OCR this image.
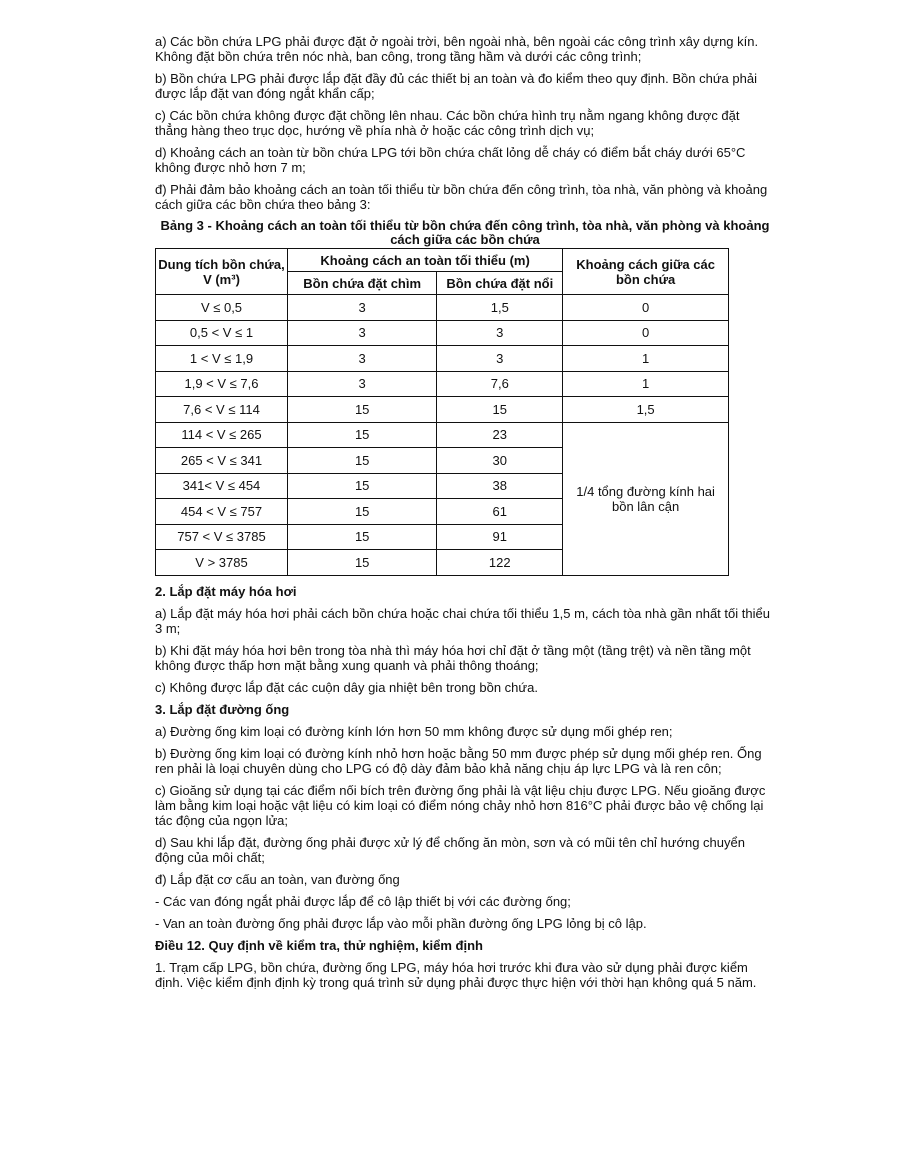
a) Các bồn chứa LPG phải được đặt ở ngoài trời, bên ngoài nhà, bên ngoài các công trình xây dựng kín. Không đặt bồn chứa trên nóc nhà, ban công, trong tầng hầm và dưới các công trình;

b) Bồn chứa LPG phải được lắp đặt đầy đủ các thiết bị an toàn và đo kiểm theo quy định. Bồn chứa phải được lắp đặt van đóng ngắt khẩn cấp;

c) Các bồn chứa không được đặt chồng lên nhau. Các bồn chứa hình trụ nằm ngang không được đặt thẳng hàng theo trục dọc, hướng về phía nhà ở hoặc các công trình dịch vụ;

d) Khoảng cách an toàn từ bồn chứa LPG tới bồn chứa chất lỏng dễ cháy có điểm bắt cháy dưới 65°C không được nhỏ hơn 7 m;

đ) Phải đảm bảo khoảng cách an toàn tối thiểu từ bồn chứa đến công trình, tòa nhà, văn phòng và khoảng cách giữa các bồn chứa theo bảng 3:

Bảng 3 - Khoảng cách an toàn tối thiểu từ bồn chứa đến công trình, tòa nhà, văn phòng và khoảng cách giữa các bồn chứa

Dung tích bồn chứa, V (m³)	Khoảng cách an toàn tối thiểu (m)		Khoảng cách giữa các bồn chứa
	Bồn chứa đặt chìm	Bồn chứa đặt nổi	
V ≤ 0,5	3	1,5	0
0,5 < V ≤ 1	3	3	0
1 < V ≤ 1,9	3	3	1
1,9 < V ≤ 7,6	3	7,6	1
7,6 < V ≤ 114	15	15	1,5
114 < V ≤ 265	15	23	1/4 tổng đường kính hai bồn lân cận
265 < V ≤ 341	15	30	
341< V ≤ 454	15	38	
454 < V ≤ 757	15	61	
757 < V ≤ 3785	15	91	
V > 3785	15	122	

2. Lắp đặt máy hóa hơi

a) Lắp đặt máy hóa hơi phải cách bồn chứa hoặc chai chứa tối thiểu 1,5 m, cách tòa nhà gần nhất tối thiểu 3 m;

b) Khi đặt máy hóa hơi bên trong tòa nhà thì máy hóa hơi chỉ đặt ở tầng một (tầng trệt) và nền tầng một không được thấp hơn mặt bằng xung quanh và phải thông thoáng;

c) Không được lắp đặt các cuộn dây gia nhiệt bên trong bồn chứa.

3. Lắp đặt đường ống

a) Đường ống kim loại có đường kính lớn hơn 50 mm không được sử dụng mối ghép ren;

b) Đường ống kim loại có đường kính nhỏ hơn hoặc bằng 50 mm được phép sử dụng mối ghép ren. Ống ren phải là loại chuyên dùng cho LPG có độ dày đảm bảo khả năng chịu áp lực LPG và là ren côn;

c) Gioăng sử dụng tại các điểm nối bích trên đường ống phải là vật liệu chịu được LPG. Nếu gioăng được làm bằng kim loại hoặc vật liệu có kim loại có điểm nóng chảy nhỏ hơn 816°C phải được bảo vệ chống lại tác động của ngọn lửa;

d) Sau khi lắp đặt, đường ống phải được xử lý để chống ăn mòn, sơn và có mũi tên chỉ hướng chuyển động của môi chất;

đ) Lắp đặt cơ cấu an toàn, van đường ống

- Các van đóng ngắt phải được lắp để cô lập thiết bị với các đường ống;

- Van an toàn đường ống phải được lắp vào mỗi phần đường ống LPG lỏng bị cô lập.

Điều 12. Quy định về kiểm tra, thử nghiệm, kiểm định

1. Trạm cấp LPG, bồn chứa, đường ống LPG, máy hóa hơi trước khi đưa vào sử dụng phải được kiểm định. Việc kiểm định định kỳ trong quá trình sử dụng phải được thực hiện với thời hạn không quá 5 năm.
